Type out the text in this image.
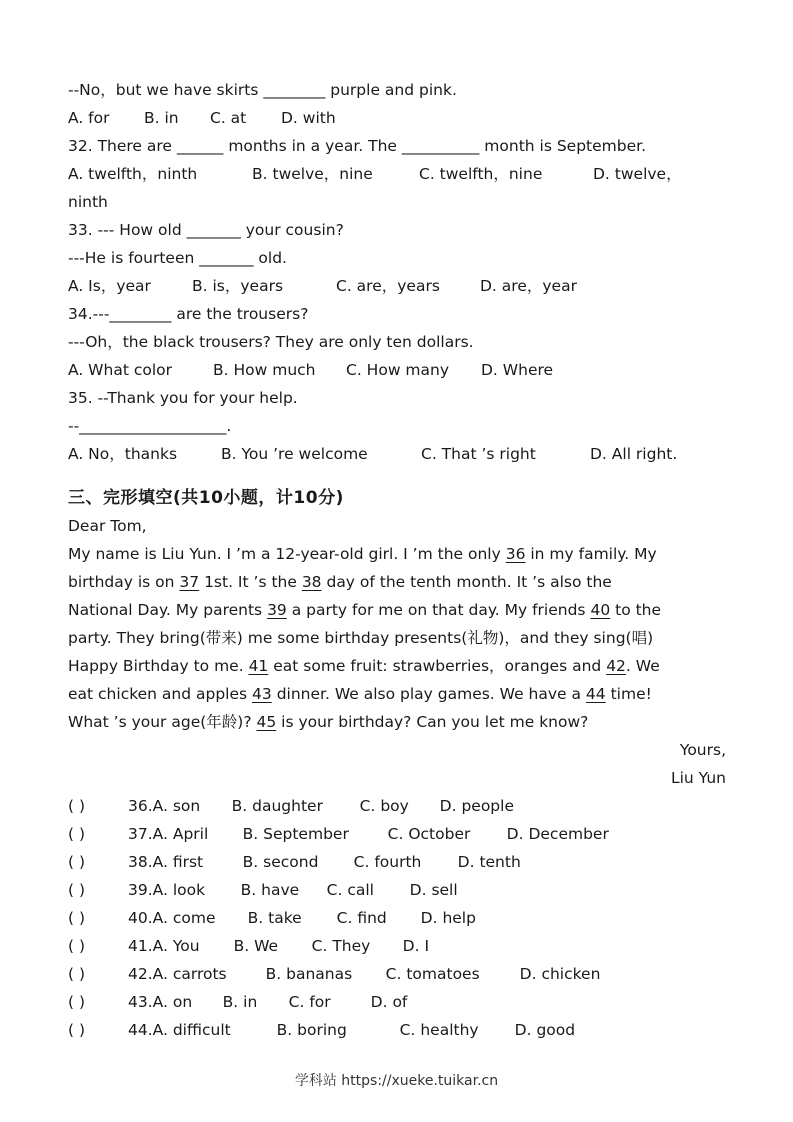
--No，but we have skirts ________ purple and pink.
A. for	B. in	C. at	D. with
32. There are ______ months in a year. The __________ month is September.
A. twelfth，ninth	B. twelve，nine	C. twelfth，nine	D. twelve，
ninth
33. --- How old _______ your cousin?
---He is fourteen _______ old.
A. Is，year	B. is，years	C. are，years	D. are，year
34.---________ are the trousers?
---Oh，the black trousers? They are only ten dollars.
A. What color	B. How much	C. How many	D. Where
35. --Thank you for your help.
--___________________.
A. No，thanks	B. You ’re welcome	C. That ’s right	D. All right.
三、完形填空(共10小题，计10分)
Dear Tom,
My name is Liu Yun. I ’m a 12-year-old girl. I ’m the only 36 in my family. My
birthday is on 37 1st. It ’s the 38 day of the tenth month. It ’s also the
National Day. My parents 39 a party for me on that day. My friends 40 to the
party. They bring(带来) me some birthday presents(礼物)，and they sing(唱)
Happy Birthday to me. 41 eat some fruit: strawberries，oranges and 42. We
eat chicken and apples 43 dinner. We also play games. We have a 44 time!
What ’s your age(年龄)? 45 is your birthday? Can you let me know?
Yours,
Liu Yun
( )	36. A. son	B. daughter	C. boy	D. people
( )	37. A. April	B. September	C. October	D. December
( )	38. A. first	B. second	C. fourth	D. tenth
( )	39. A. look	B. have	C. call	D. sell
( )	40. A. come	B. take	C. find	D. help
( )	41. A. You	B. We	C. They	D. I
( )	42. A. carrots	B. bananas	C. tomatoes	D. chicken
( )	43. A. on	B. in	C. for	D. of
( )	44. A. difficult	B. boring	C. healthy	D. good
学科站 https://xueke.tuikar.cn
